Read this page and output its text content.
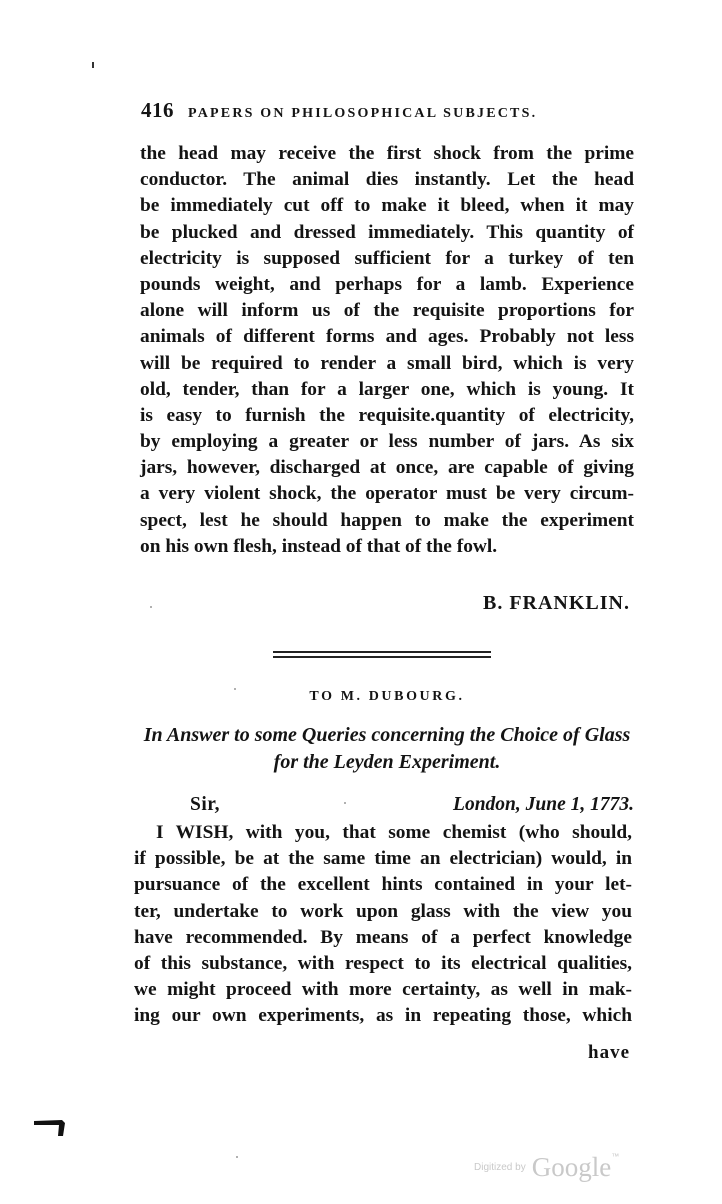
416 PAPERS ON PHILOSOPHICAL SUBJECTS.
the head may receive the first shock from the prime
conductor. The animal dies instantly. Let the head
be immediately cut off to make it bleed, when it may
be plucked and dressed immediately. This quantity of
electricity is supposed sufficient for a turkey of ten
pounds weight, and perhaps for a lamb. Experience
alone will inform us of the requisite proportions for
animals of different forms and ages. Probably not less
will be required to render a small bird, which is very
old, tender, than for a larger one, which is young. It
is easy to furnish the requisite.quantity of electricity,
by employing a greater or less number of jars. As six
jars, however, discharged at once, are capable of giving
a very violent shock, the operator must be very circum-
spect, lest he should happen to make the experiment
on his own flesh, instead of that of the fowl.
B. FRANKLIN.
TO M. DUBOURG.
In Answer to some Queries concerning the Choice of Glass
for the Leyden Experiment.
Sir,	London, June 1, 1773.
I WISH, with you, that some chemist (who should,
if possible, be at the same time an electrician) would, in
pursuance of the excellent hints contained in your let-
ter, undertake to work upon glass with the view you
have recommended. By means of a perfect knowledge
of this substance, with respect to its electrical qualities,
we might proceed with more certainty, as well in mak-
ing our own experiments, as in repeating those, which
have
Digitized by Google™
